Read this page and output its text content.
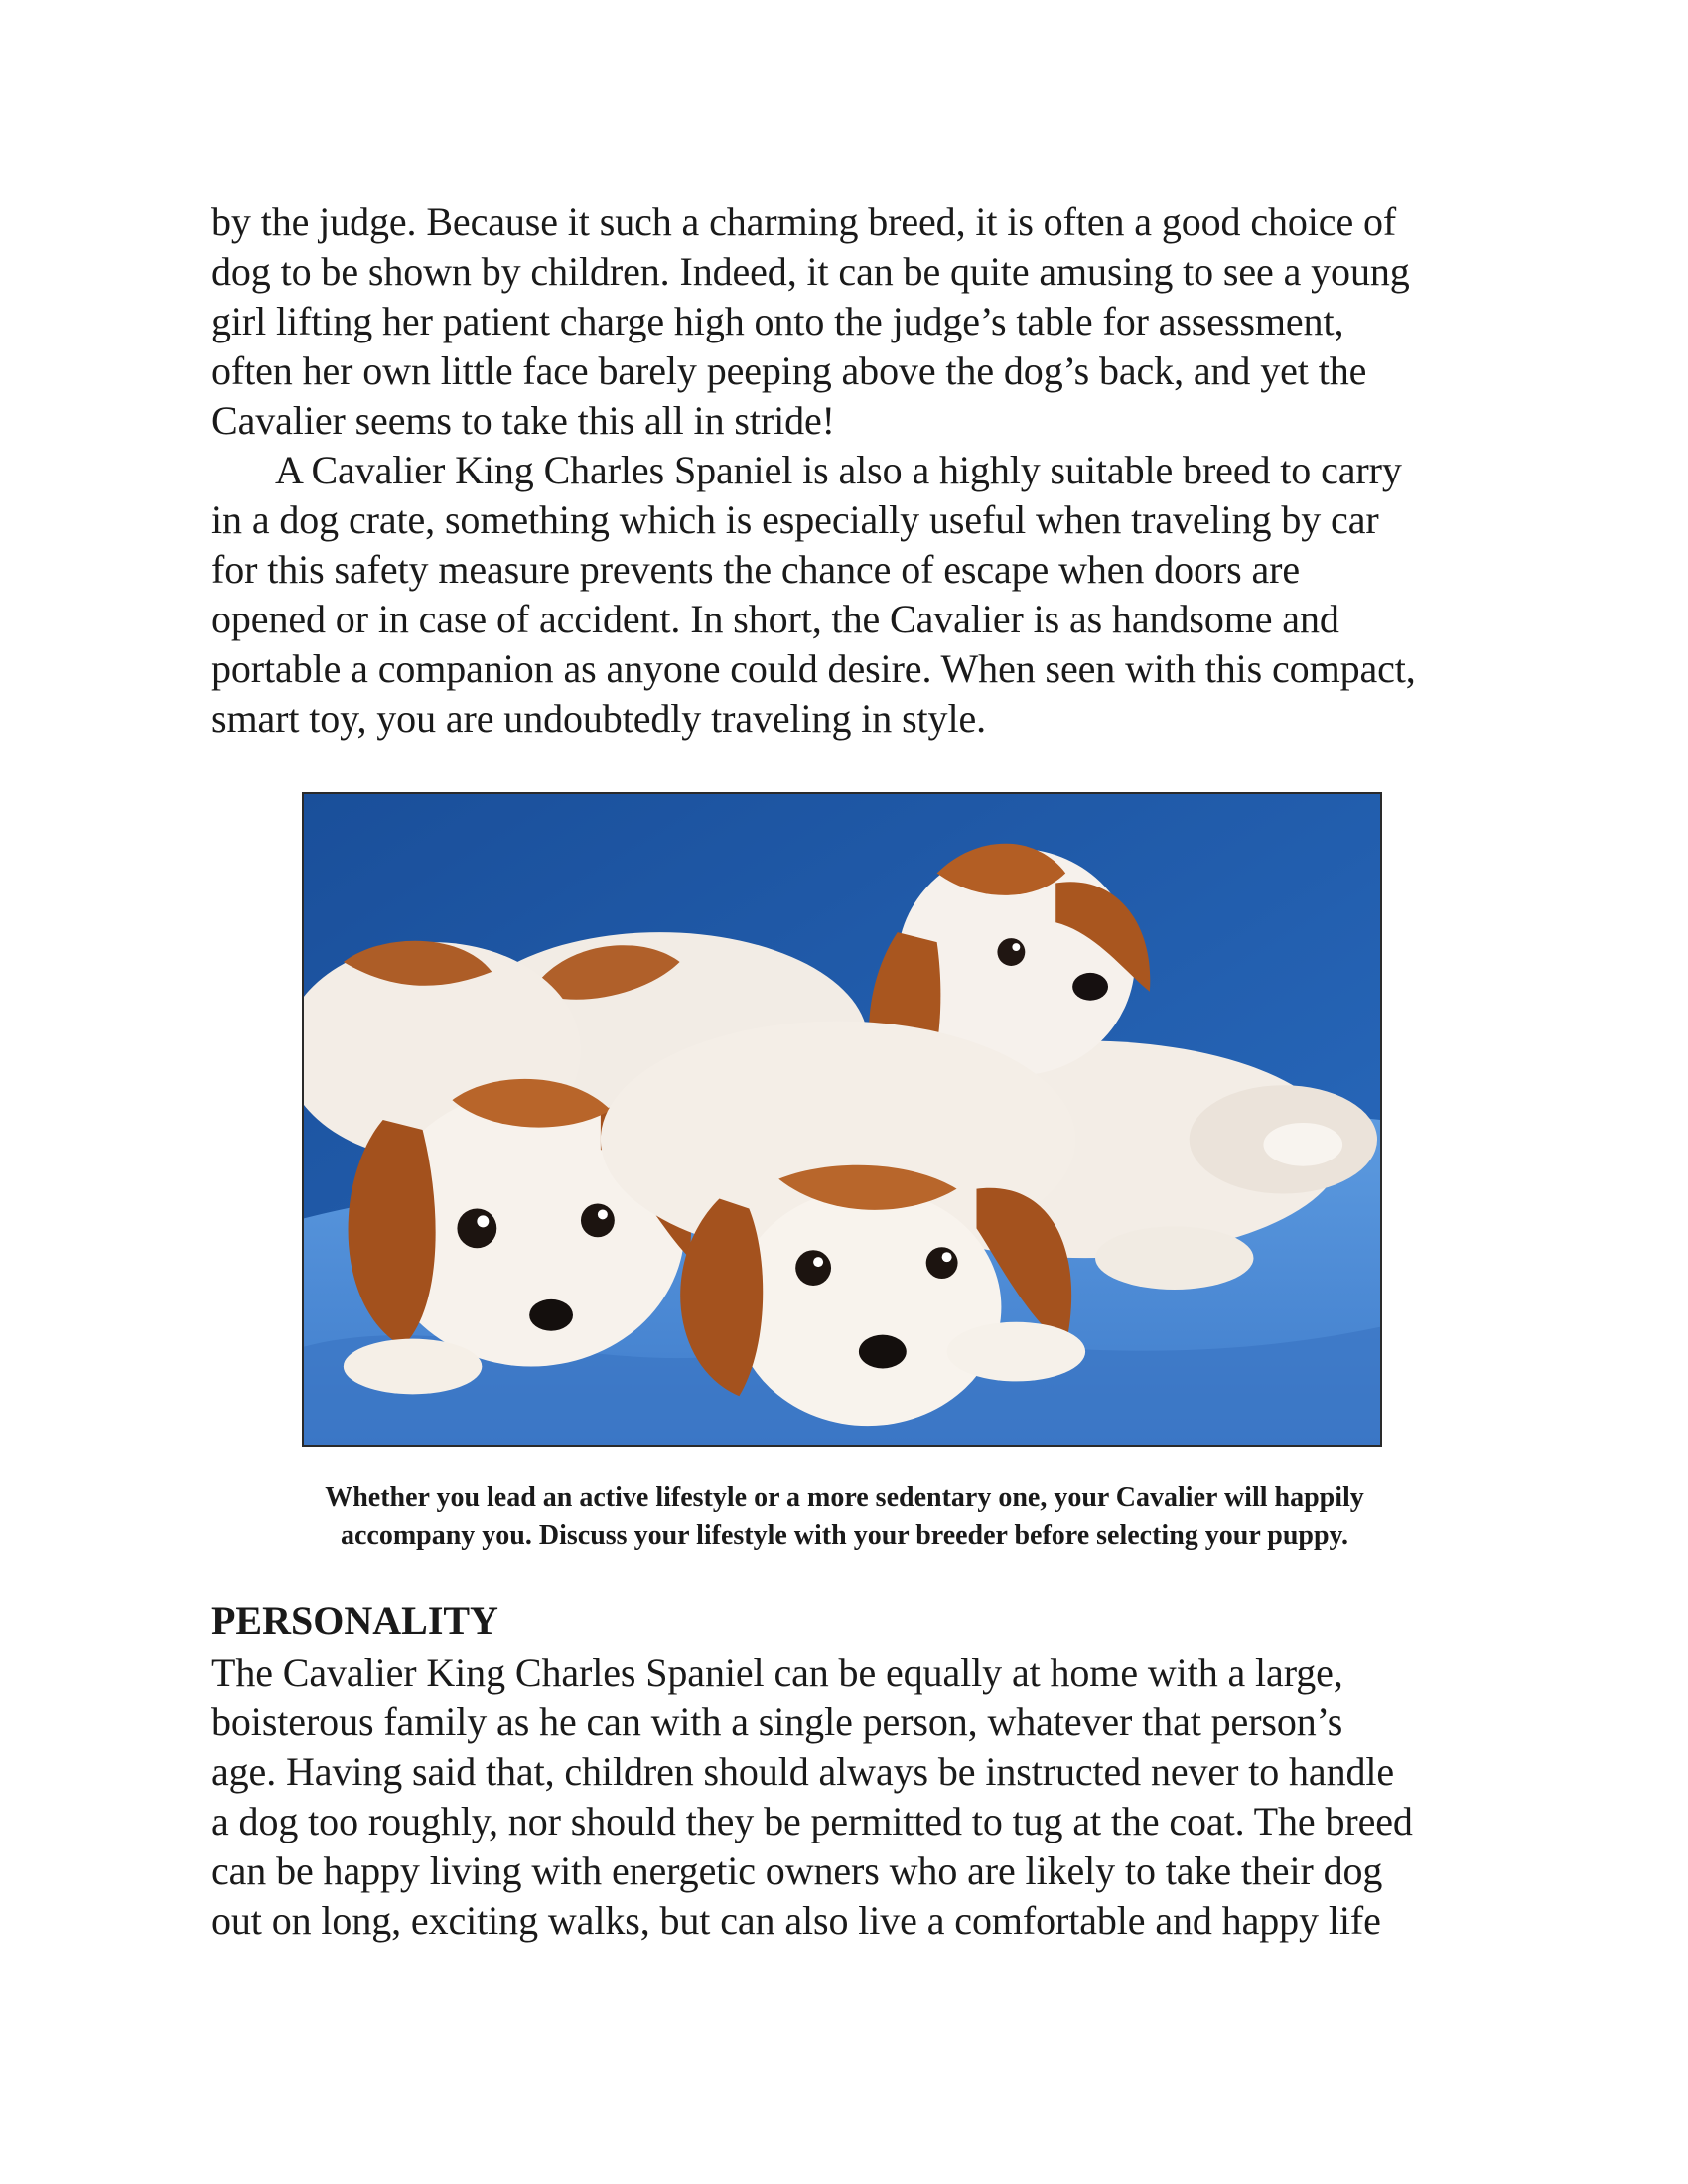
by the judge. Because it such a charming breed, it is often a good choice of

dog to be shown by children. Indeed, it can be quite amusing to see a young

girl lifting her patient charge high onto the judge’s table for assessment,

often her own little face barely peeping above the dog’s back, and yet the

Cavalier seems to take this all in stride!

A Cavalier King Charles Spaniel is also a highly suitable breed to carry

in a dog crate, something which is especially useful when traveling by car

for this safety measure prevents the chance of escape when doors are

opened or in case of accident. In short, the Cavalier is as handsome and

portable a companion as anyone could desire. When seen with this compact,

smart toy, you are undoubtedly traveling in style.

Whether you lead an active lifestyle or a more sedentary one, your Cavalier will happily

accompany you. Discuss your lifestyle with your breeder before selecting your puppy.

PERSONALITY

The Cavalier King Charles Spaniel can be equally at home with a large,

boisterous family as he can with a single person, whatever that person’s

age. Having said that, children should always be instructed never to handle

a dog too roughly, nor should they be permitted to tug at the coat. The breed

can be happy living with energetic owners who are likely to take their dog

out on long, exciting walks, but can also live a comfortable and happy life
